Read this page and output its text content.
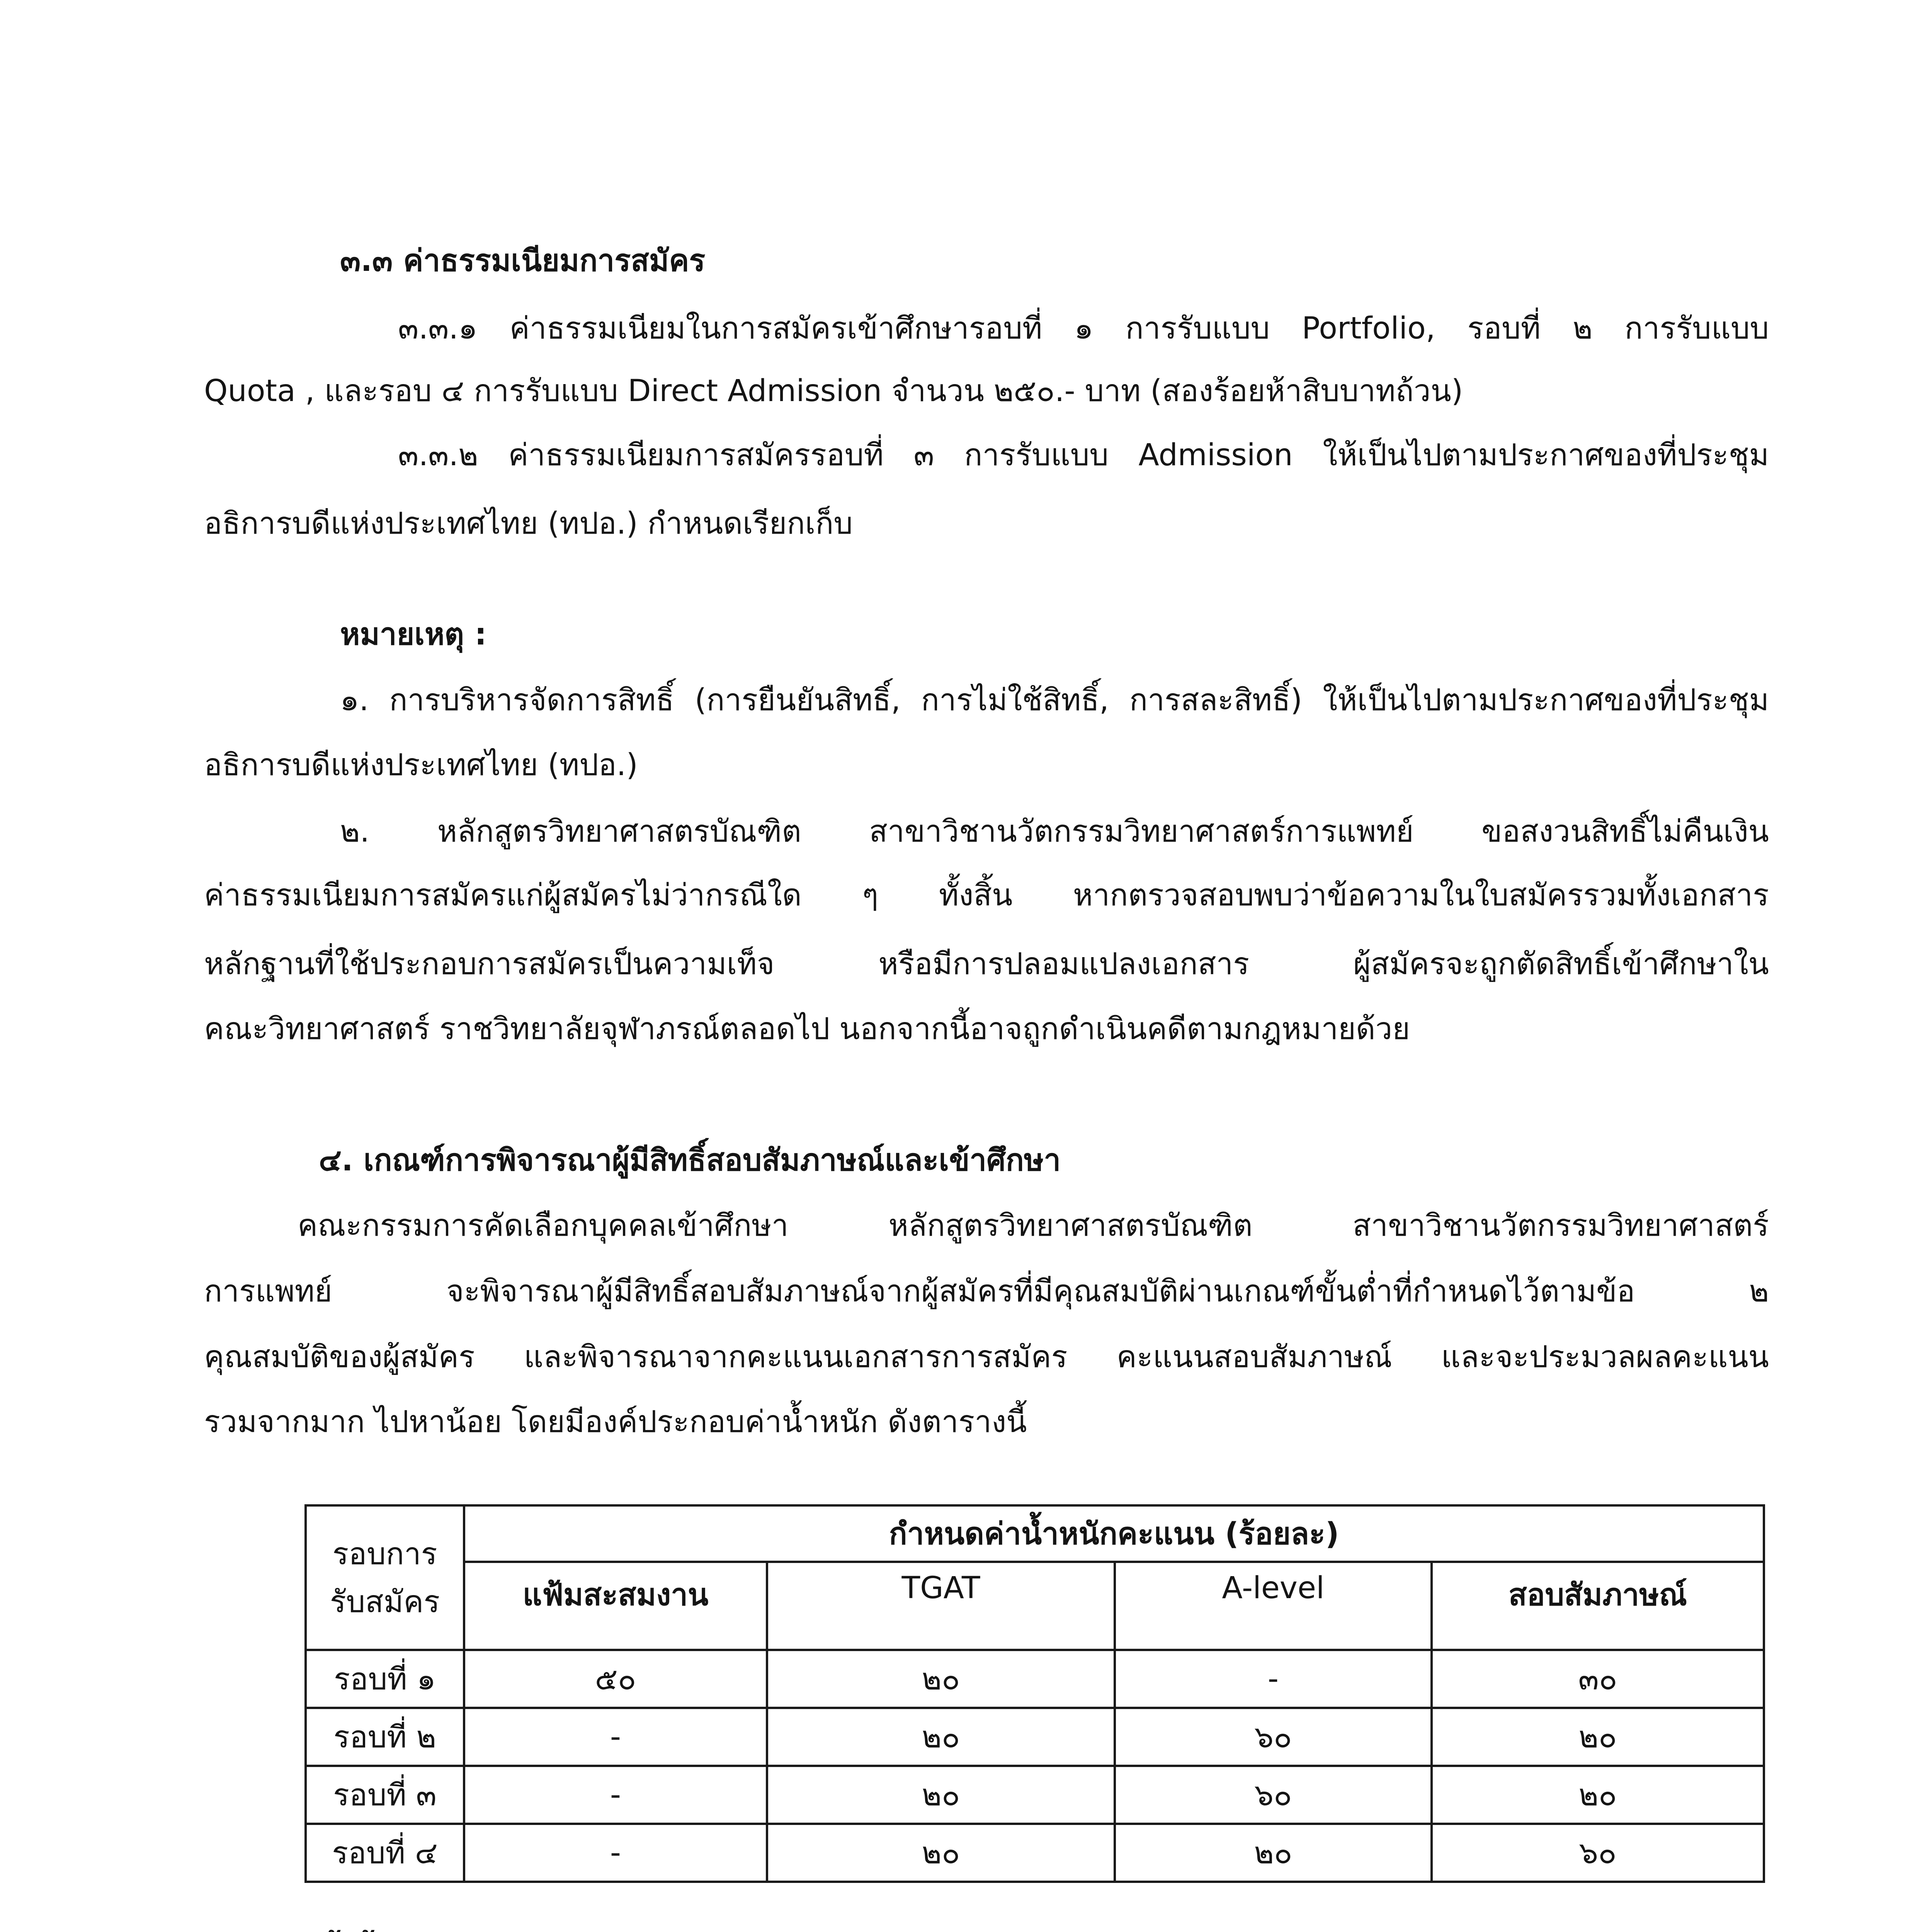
๓.๓ ค่าธรรมเนียมการสมัคร
๓.๓.๑ ค่าธรรมเนียมในการสมัครเข้าศึกษารอบที่ ๑ การรับแบบ Portfolio, รอบที่ ๒ การรับแบบ
Quota , และรอบ ๔ การรับแบบ Direct Admission จำนวน ๒๕๐.- บาท (สองร้อยห้าสิบบาทถ้วน)
๓.๓.๒ ค่าธรรมเนียมการสมัครรอบที่ ๓ การรับแบบ Admission ให้เป็นไปตามประกาศของที่ประชุม
อธิการบดีแห่งประเทศไทย (ทปอ.) กำหนดเรียกเก็บ
หมายเหตุ :
๑. การบริหารจัดการสิทธิ์ (การยืนยันสิทธิ์, การไม่ใช้สิทธิ์, การสละสิทธิ์) ให้เป็นไปตามประกาศของที่ประชุม
อธิการบดีแห่งประเทศไทย (ทปอ.)
๒. หลักสูตรวิทยาศาสตรบัณฑิต สาขาวิชานวัตกรรมวิทยาศาสตร์การแพทย์ ขอสงวนสิทธิ์ไม่คืนเงิน
ค่าธรรมเนียมการสมัครแก่ผู้สมัครไม่ว่ากรณีใด ๆ ทั้งสิ้น หากตรวจสอบพบว่าข้อความในใบสมัครรวมทั้งเอกสาร
หลักฐานที่ใช้ประกอบการสมัครเป็นความเท็จ หรือมีการปลอมแปลงเอกสาร ผู้สมัครจะถูกตัดสิทธิ์เข้าศึกษาใน
คณะวิทยาศาสตร์ ราชวิทยาลัยจุฬาภรณ์ตลอดไป นอกจากนี้อาจถูกดำเนินคดีตามกฎหมายด้วย
๔. เกณฑ์การพิจารณาผู้มีสิทธิ์สอบสัมภาษณ์และเข้าศึกษา
คณะกรรมการคัดเลือกบุคคลเข้าศึกษา หลักสูตรวิทยาศาสตรบัณฑิต สาขาวิชานวัตกรรมวิทยาศาสตร์
การแพทย์ จะพิจารณาผู้มีสิทธิ์สอบสัมภาษณ์จากผู้สมัครที่มีคุณสมบัติผ่านเกณฑ์ขั้นต่ำที่กำหนดไว้ตามข้อ ๒
คุณสมบัติของผู้สมัคร และพิจารณาจากคะแนนเอกสารการสมัคร คะแนนสอบสัมภาษณ์ และจะประมวลผลคะแนน
รวมจากมาก ไปหาน้อย โดยมีองค์ประกอบค่าน้ำหนัก ดังตารางนี้
รอบการ
รับสมัคร	กำหนดค่าน้ำหนักคะแนน (ร้อยละ)			
	แฟ้มสะสมงาน	TGAT	A-level	สอบสัมภาษณ์
รอบที่ ๑	๕๐	๒๐	-	๓๐
รอบที่ ๒	-	๒๐	๖๐	๒๐
รอบที่ ๓	-	๒๐	๖๐	๒๐
รอบที่ ๔	-	๒๐	๒๐	๖๐
